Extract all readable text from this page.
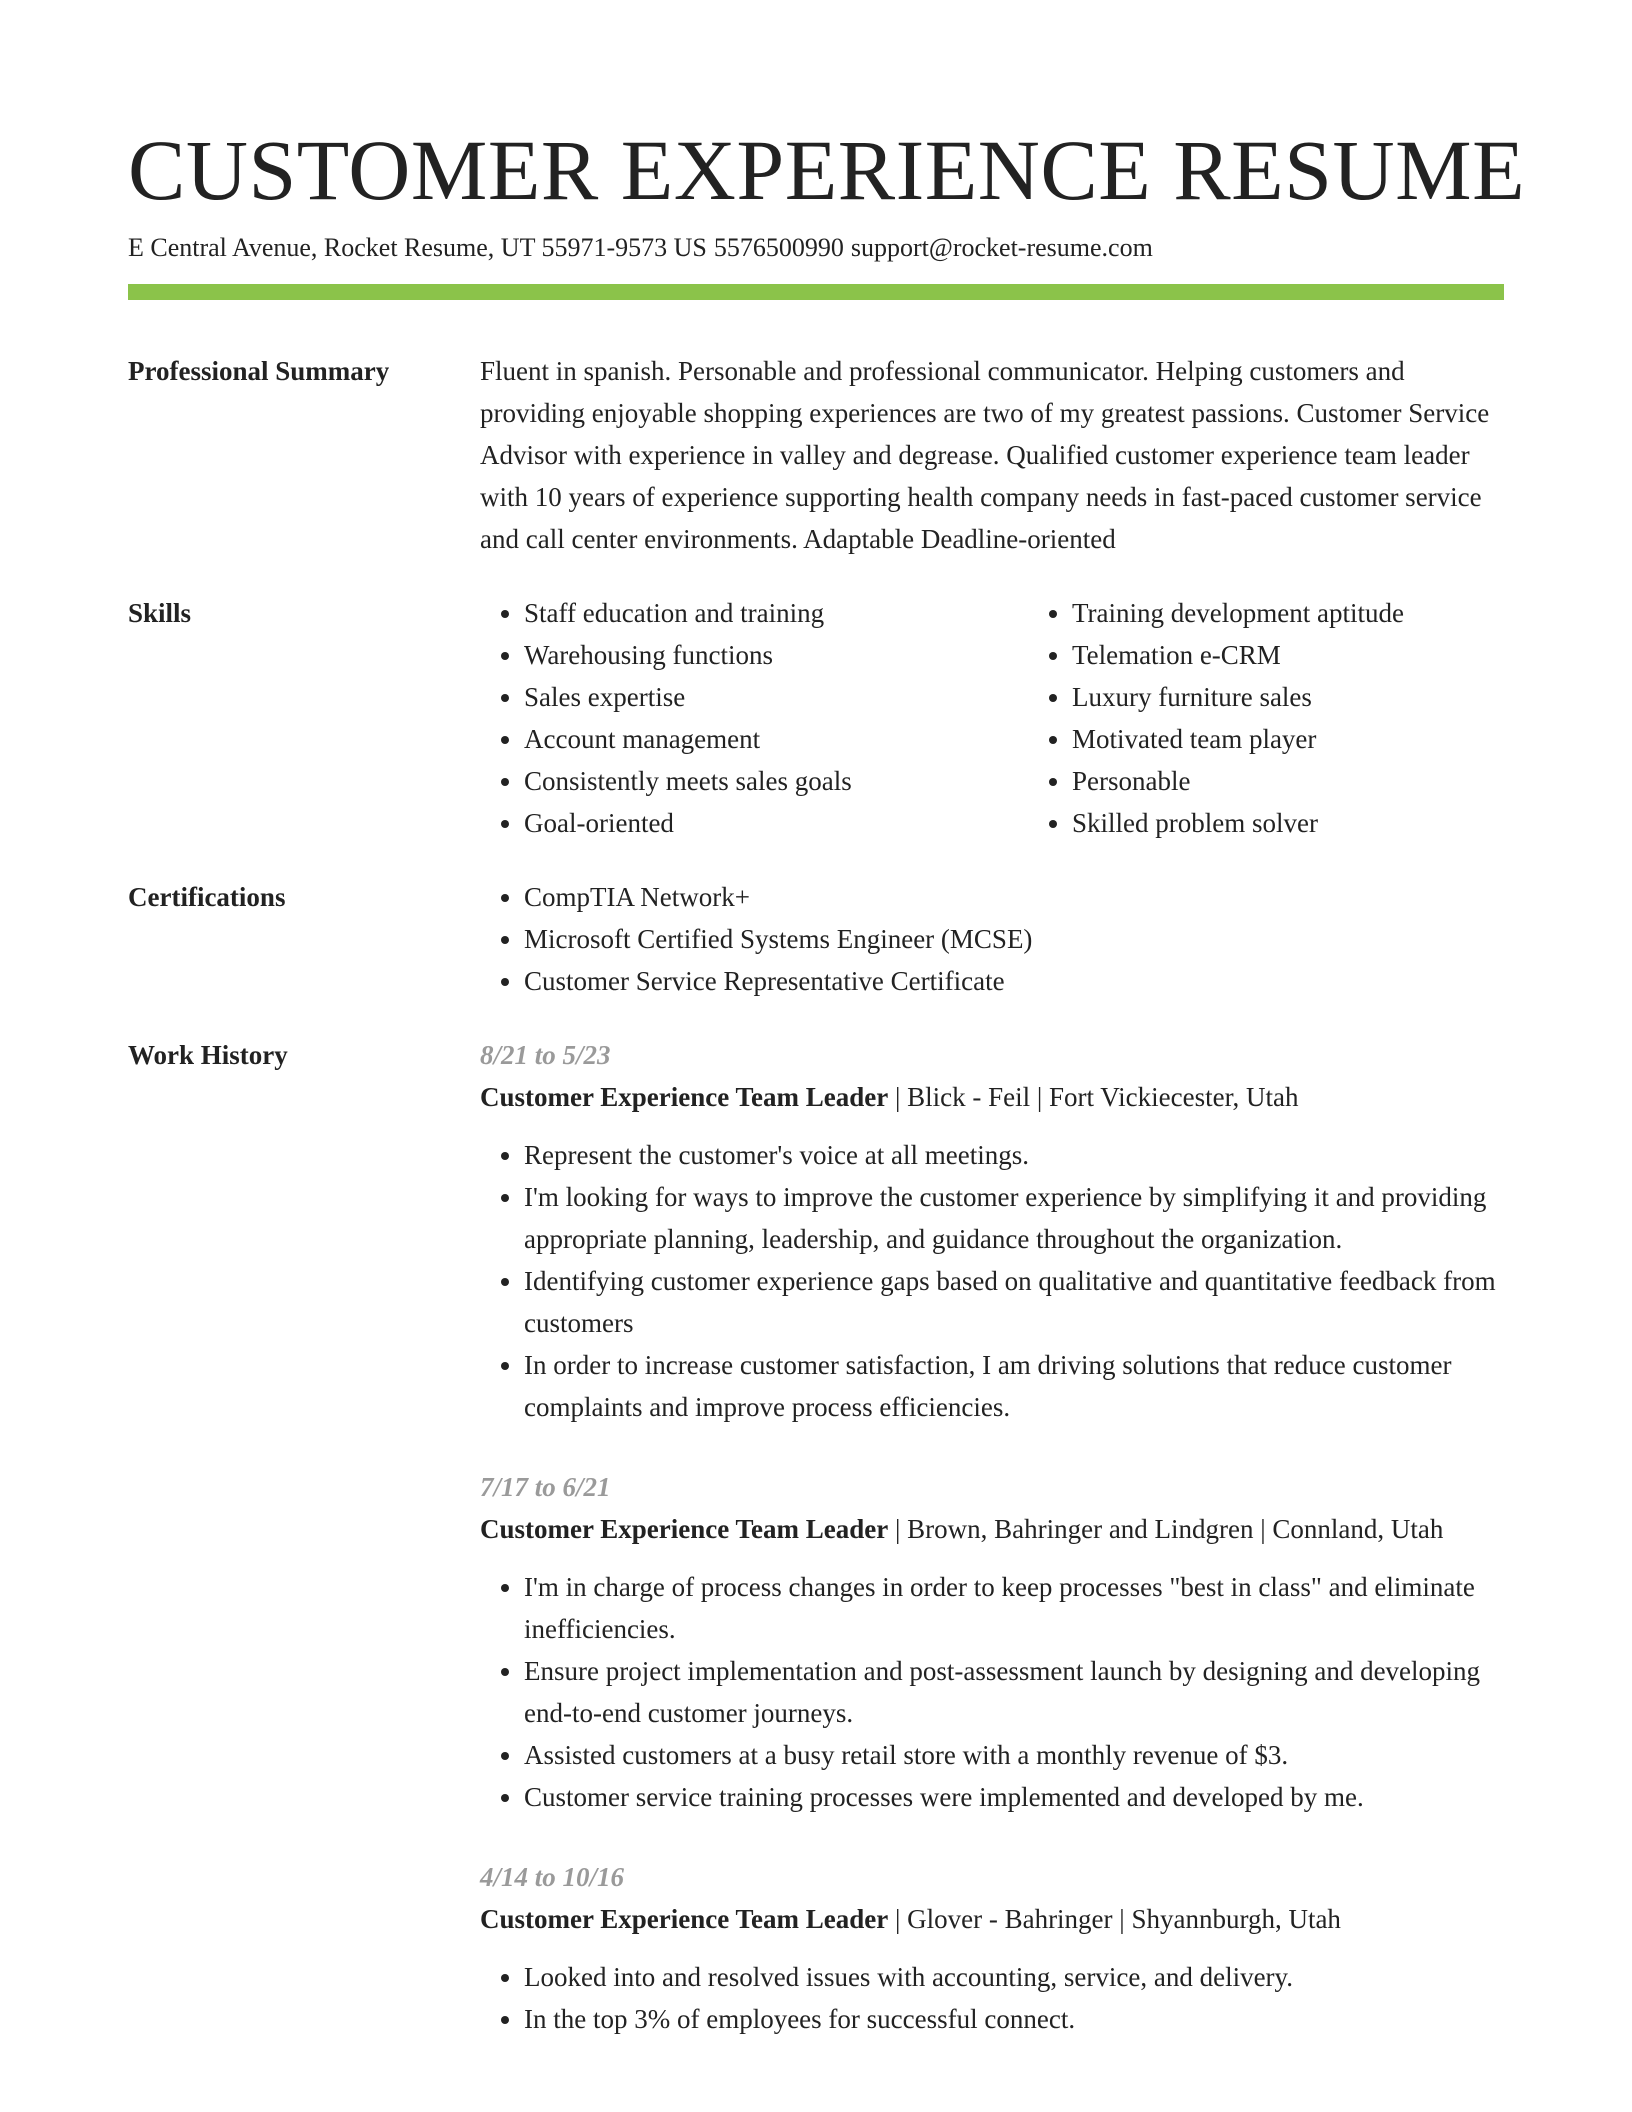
CUSTOMER EXPERIENCE RESUME
E Central Avenue, Rocket Resume, UT 55971-9573 US 5576500990 support@rocket-resume.com
Professional Summary	Fluent in spanish. Personable and professional communicator. Helping customers and providing enjoyable shopping experiences are two of my greatest passions. Customer Service Advisor with experience in valley and degrease. Qualified customer experience team leader with 10 years of experience supporting health company needs in fast-paced customer service and call center environments. Adaptable Deadline-oriented

Skills	• Staff education and training
• Warehousing functions
• Sales expertise
• Account management
• Consistently meets sales goals
• Goal-oriented
• Training development aptitude
• Telemation e-CRM
• Luxury furniture sales
• Motivated team player
• Personable
• Skilled problem solver
Certifications	• CompTIA Network+
• Microsoft Certified Systems Engineer (MCSE)
• Customer Service Representative Certificate
Work History	8/21 to 5/23
Customer Experience Team Leader | Blick - Feil | Fort Vickiecester, Utah
• Represent the customer's voice at all meetings.
• I'm looking for ways to improve the customer experience by simplifying it and providing appropriate planning, leadership, and guidance throughout the organization.
• Identifying customer experience gaps based on qualitative and quantitative feedback from customers
• In order to increase customer satisfaction, I am driving solutions that reduce customer complaints and improve process efficiencies.
7/17 to 6/21
Customer Experience Team Leader | Brown, Bahringer and Lindgren | Connland, Utah
• I'm in charge of process changes in order to keep processes "best in class" and eliminate inefficiencies.
• Ensure project implementation and post-assessment launch by designing and developing end-to-end customer journeys.
• Assisted customers at a busy retail store with a monthly revenue of $3.
• Customer service training processes were implemented and developed by me.
4/14 to 10/16
Customer Experience Team Leader | Glover - Bahringer | Shyannburgh, Utah
• Looked into and resolved issues with accounting, service, and delivery.
• In the top 3% of employees for successful connect.
